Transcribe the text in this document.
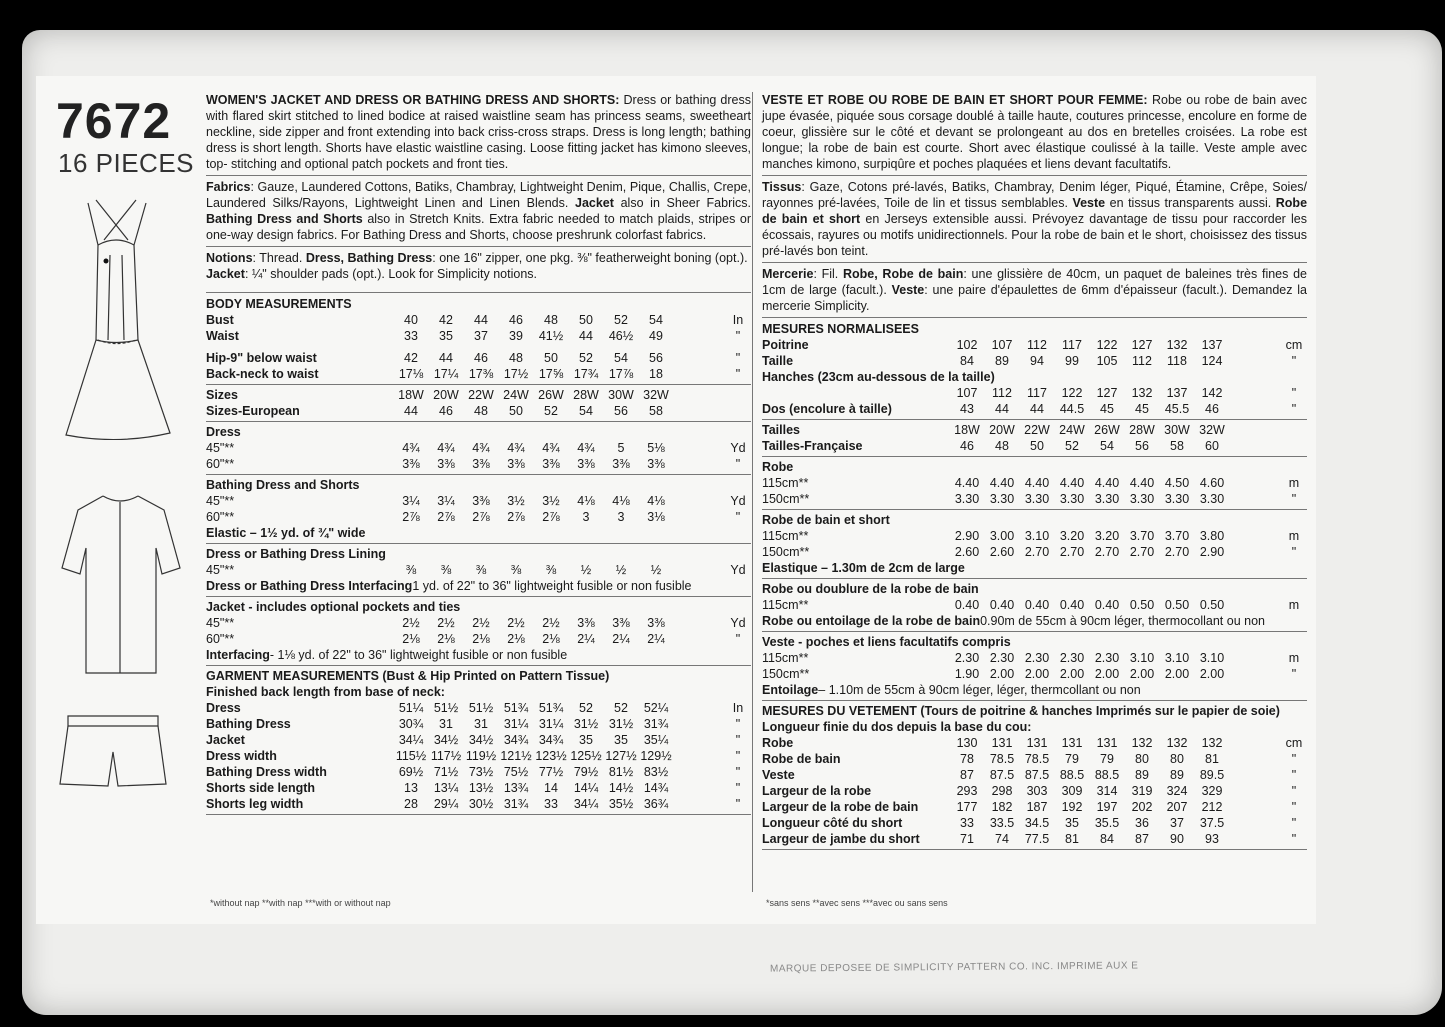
7672
16 PIECES

WOMEN'S JACKET AND DRESS OR BATHING DRESS AND SHORTS: Dress or bathing dress with flared skirt stitched to lined bodice at raised waistline seam has princess seams, sweetheart neckline, side zipper and front extending into back criss-cross straps. Dress is long length; bathing dress is short length. Shorts have elastic waistline casing. Loose fitting jacket has kimono sleeves, top- stitching and optional patch pockets and front ties.

Fabrics: Gauze, Laundered Cottons, Batiks, Chambray, Lightweight Denim, Pique, Challis, Crepe, Laundered Silks/Rayons, Lightweight Linen and Linen Blends. Jacket also in Sheer Fabrics. Bathing Dress and Shorts also in Stretch Knits. Extra fabric needed to match plaids, stripes or one-way design fabrics. For Bathing Dress and Shorts, choose preshrunk colorfast fabrics.

Notions: Thread. Dress, Bathing Dress: one 16" zipper, one pkg. ⅜" featherweight boning (opt.).
Jacket: ¼" shoulder pads (opt.). Look for Simplicity notions.

BODY MEASUREMENTS
Bust	40	42	44	46	48	50	52	54	In
Waist	33	35	37	39	41½	44	46½	49	"
Hip-9" below waist	42	44	46	48	50	52	54	56	"
Back-neck to waist	17⅛ 17¼ 17⅜ 17½ 17⅝ 17¾ 17⅞	18	"
Sizes	18W 20W 22W 24W 26W 28W 30W 32W
Sizes-European	44	46	48	50	52	54	56	58
Dress
45"**	4¾	4¾	4¾	4¾	4¾	4¾	5	5⅛	Yd
60"**	3⅜	3⅜	3⅜	3⅜	3⅜	3⅜	3⅜	3⅜	"
Bathing Dress and Shorts
45"**	3¼	3¼	3⅜	3½	3½	4⅛	4⅛	4⅛	Yd
60"**	2⅞	2⅞	2⅞	2⅞	2⅞	3	3	3⅛	"
Elastic – 1½ yd. of ¾" wide
Dress or Bathing Dress Lining
45"**	⅜	⅜	⅜	⅜	⅜	½	½	½	Yd
Dress or Bathing Dress Interfacing 1 yd. of 22" to 36" lightweight fusible or non fusible
Jacket - includes optional pockets and ties
45"**	2½	2½	2½	2½	2½	3⅜	3⅜	3⅜	Yd
60"**	2⅛	2⅛	2⅛	2⅛	2⅛	2¼	2¼	2¼	"
Interfacing - 1⅛ yd. of 22" to 36" lightweight fusible or non fusible
GARMENT MEASUREMENTS (Bust & Hip Printed on Pattern Tissue)
Finished back length from base of neck:
Dress	51¼ 51½ 51½ 51¾ 51¾	52	52	52¼	In
Bathing Dress	30¾	31	31	31¼ 31¼ 31½ 31½ 31¾	"
Jacket	34¼ 34½ 34½ 34¾ 34¾	35	35	35¼	"
Dress width	115½ 117½ 119½ 121½ 123½ 125½ 127½ 129½	"
Bathing Dress width	69½ 71½ 73½ 75½ 77½ 79½ 81½ 83½	"
Shorts side length	13	13¼ 13½ 13¾	14	14¼ 14½ 14¾	"
Shorts leg width	28	29¼ 30½ 31¾	33	34¼ 35½ 36¾	"

VESTE ET ROBE OU ROBE DE BAIN ET SHORT POUR FEMME: Robe ou robe de bain avec jupe évasée, piquée sous corsage doublé à taille haute, coutures princesse, encolure en forme de coeur, glissière sur le côté et devant se prolongeant au dos en bretelles croisées. La robe est longue; la robe de bain est courte. Short avec élastique coulissé à la taille. Veste ample avec manches kimono, surpiqûre et poches plaquées et liens devant facultatifs.

Tissus: Gaze, Cotons pré-lavés, Batiks, Chambray, Denim léger, Piqué, Étamine, Crêpe, Soies/ rayonnes pré-lavées, Toile de lin et tissus semblables. Veste en tissus transparents aussi. Robe de bain et short en Jerseys extensible aussi. Prévoyez davantage de tissu pour raccorder les écossais, rayures ou motifs unidirectionnels. Pour la robe de bain et le short, choisissez des tissus pré-lavés bon teint.

Mercerie: Fil. Robe, Robe de bain: une glissière de 40cm, un paquet de baleines très fines de 1cm de large (facult.). Veste: une paire d'épaulettes de 6mm d'épaisseur (facult.). Demandez la mercerie Simplicity.

MESURES NORMALISEES
Poitrine	102	107	112	117	122	127	132	137	cm
Taille	84	89	94	99	105	112	118	124	"
Hanches (23cm au-dessous de la taille)
107	112	117	122	127	132	137	142	"
Dos (encolure à taille)	43	44	44	44.5	45	45	45.5	46	"
Tailles	18W 20W 22W 24W 26W 28W 30W 32W
Tailles-Française	46	48	50	52	54	56	58	60
Robe
115cm**	4.40 4.40 4.40 4.40 4.40 4.40 4.50 4.60	m
150cm**	3.30 3.30 3.30 3.30 3.30 3.30 3.30 3.30	"
Robe de bain et short
115cm**	2.90 3.00 3.10 3.20 3.20 3.70 3.70 3.80	m
150cm**	2.60 2.60 2.70 2.70 2.70 2.70 2.70 2.90	"
Elastique – 1.30m de 2cm de large
Robe ou doublure de la robe de bain
115cm**	0.40 0.40 0.40 0.40 0.40 0.50 0.50 0.50	m
Robe ou entoilage de la robe de bain 0.90m de 55cm à 90cm léger, thermocollant ou non
Veste - poches et liens facultatifs compris
115cm**	2.30 2.30 2.30 2.30 2.30 3.10 3.10 3.10	m
150cm**	1.90 2.00 2.00 2.00 2.00 2.00 2.00 2.00	"
Entoilage – 1.10m de 55cm à 90cm léger, léger, thermcollant ou non
MESURES DU VETEMENT (Tours de poitrine & hanches Imprimés sur le papier de soie)
Longueur finie du dos depuis la base du cou:
Robe	130	131	131	131	131	132	132	132	cm
Robe de bain	78	78.5 78.5	79	79	80	80	81	"
Veste	87	87.5 87.5 88.5 88.5	89	89	89.5	"
Largeur de la robe	293	298	303	309	314	319	324	329	"
Largeur de la robe de bain	177	182	187	192	197	202	207	212	"
Longueur côté du short	33	33.5 34.5	35	35.5	36	37	37.5	"
Largeur de jambe du short	71	74	77.5	81	84	87	90	93	"
*without nap **with nap ***with or without nap	*sans sens **avec sens ***avec ou sans sens
MARQUE DEPOSEE DE SIMPLICITY PATTERN CO. INC. IMPRIME AUX E
